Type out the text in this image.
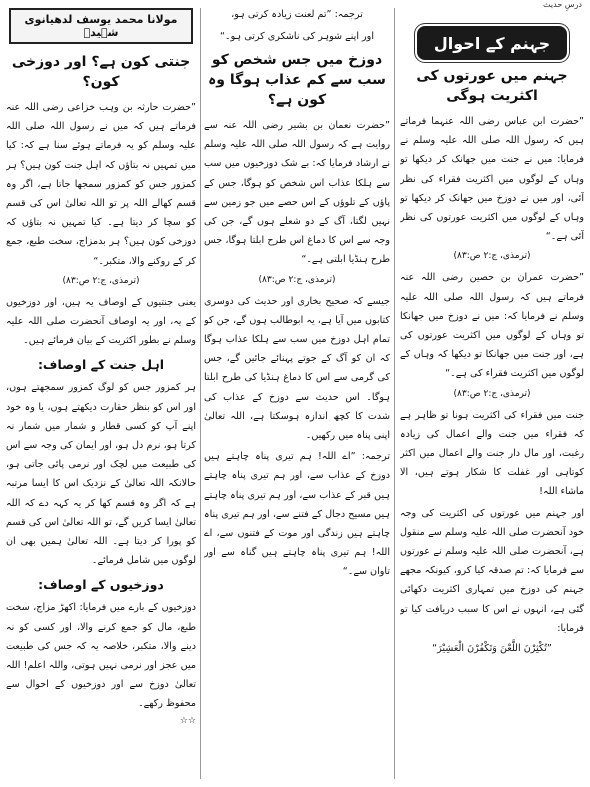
درسِ حدیث
جہنم کے احوال
جہنم میں عورتوں کی اکثریت ہوگی

”حضرت ابن عباس رضی اللہ عنہما فرماتے ہیں کہ رسول اللہ صلی اللہ علیہ وسلم نے فرمایا: میں نے جنت میں جھانک کر دیکھا تو وہاں کے لوگوں میں اکثریت فقراء کی نظر آئی، اور میں نے دوزخ میں جھانک کر دیکھا تو وہاں کے لوگوں میں اکثریت عورتوں کی نظر آئی ہے۔“

(ترمذی، ج:۲ ص:۸۳)

”حضرت عمران بن حصین رضی اللہ عنہ فرماتے ہیں کہ رسول اللہ صلی اللہ علیہ وسلم نے فرمایا کہ: میں نے دوزخ میں جھانکا تو وہاں کے لوگوں میں اکثریت عورتوں کی ہے، اور جنت میں جھانکا تو دیکھا کہ وہاں کے لوگوں میں اکثریت فقراء کی ہے۔“

(ترمذی، ج:۲ ص:۸۳)

جنت میں فقراء کی اکثریت ہونا تو ظاہر ہے کہ فقراء میں جنت والے اعمال کی زیادہ رغبت، اور مال دار جنت والے اعمال میں اکثر کوتاہی اور غفلت کا شکار ہوتے ہیں، الا ماشاء اللہ!

اور جہنم میں عورتوں کی اکثریت کی وجہ خود آنحضرت صلی اللہ علیہ وسلم سے منقول ہے، آنحضرت صلی اللہ علیہ وسلم نے عورتوں سے فرمایا کہ: تم صدقہ کیا کرو، کیونکہ مجھے جہنم کی دوزخ میں تمہاری اکثریت دکھائی گئی ہے، انہوں نے اس کا سبب دریافت کیا تو فرمایا:

”تُکْثِرْنَ اللَّعْنَ وَتَکْفُرْنَ الْعَشِیْرَ“
ترجمہ: ”تم لعنت زیادہ کرتی ہو،
اور اپنے شوہر کی ناشکری کرتی ہو۔“
دوزخ میں جس شخص کو سب سے کم عذاب ہوگا وہ کون ہے؟

”حضرت نعمان بن بشیر رضی اللہ عنہ سے روایت ہے کہ رسول اللہ صلی اللہ علیہ وسلم نے ارشاد فرمایا کہ: بے شک دوزخیوں میں سب سے ہلکا عذاب اس شخص کو ہوگا، جس کے پاؤں کے تلوؤں کے اس حصے میں جو زمین سے نہیں لگتا، آگ کے دو شعلے ہوں گے، جن کی وجہ سے اس کا دماغ اس طرح ابلتا ہوگا، جس طرح ہنڈیا ابلتی ہے۔“

(ترمذی، ج:۲ ص:۸۳)

جیسے کہ صحیح بخاری اور حدیث کی دوسری کتابوں میں آیا ہے، یہ ابوطالب ہوں گے، جن کو تمام اہل دوزخ میں سب سے ہلکا عذاب ہوگا کہ ان کو آگ کے جوتے پہنائے جائیں گے، جس کی گرمی سے اس کا دماغ ہنڈیا کی طرح ابلتا ہوگا۔ اس حدیث سے دوزخ کے عذاب کی شدت کا کچھ اندازہ ہوسکتا ہے، اللہ تعالیٰ اپنی پناہ میں رکھیں۔

ترجمہ: ”اے اللہ! ہم تیری پناہ چاہتے ہیں دوزخ کے عذاب سے، اور ہم تیری پناہ چاہتے ہیں قبر کے عذاب سے، اور ہم تیری پناہ چاہتے ہیں مسیح دجال کے فتنے سے، اور ہم تیری پناہ چاہتے ہیں زندگی اور موت کے فتنوں سے، اے اللہ! ہم تیری پناہ چاہتے ہیں گناہ سے اور تاوان سے۔“

مولانا محمد یوسف لدھیانوی شہیدؒ
جنتی کون ہے؟ اور دوزخی کون؟

”حضرت حارثہ بن وہب خزاعی رضی اللہ عنہ فرماتے ہیں کہ میں نے رسول اللہ صلی اللہ علیہ وسلم کو یہ فرماتے ہوئے سنا ہے کہ: کیا میں تمہیں نہ بتاؤں کہ اہل جنت کون ہیں؟ ہر کمزور جس کو کمزور سمجھا جاتا ہے، اگر وہ قسم کھالے اللہ پر تو اللہ تعالیٰ اس کی قسم کو سچا کر دیتا ہے۔ کیا تمہیں نہ بتاؤں کہ دوزخی کون ہیں؟ ہر بدمزاج، سخت طبع، جمع کر کے روکنے والا، متکبر۔“

(ترمذی، ج:۲ ص:۸۳)

یعنی جنتیوں کے اوصاف یہ ہیں، اور دوزخیوں کے یہ، اور یہ اوصاف آنحضرت صلی اللہ علیہ وسلم نے بطور اکثریت کے بیان فرمائے ہیں۔

اہل جنت کے اوصاف:

ہر کمزور جس کو لوگ کمزور سمجھتے ہوں، اور اس کو بنظر حقارت دیکھتے ہوں، یا وہ خود اپنے آپ کو کسی قطار و شمار میں شمار نہ کرتا ہو، نرم دل ہو، اور ایمان کی وجہ سے اس کی طبیعت میں لچک اور نرمی پائی جاتی ہو، حالانکہ اللہ تعالیٰ کے نزدیک اس کا ایسا مرتبہ ہے کہ اگر وہ قسم کھا کر یہ کہہ دے کہ اللہ تعالیٰ ایسا کریں گے، تو اللہ تعالیٰ اس کی قسم کو پورا کر دیتا ہے۔ اللہ تعالیٰ ہمیں بھی ان لوگوں میں شامل فرمائے۔

دوزخیوں کے اوصاف:

دوزخیوں کے بارے میں فرمایا: اکھڑ مزاج، سخت طبع، مال کو جمع کرنے والا، اور کسی کو نہ دینے والا، متکبر، خلاصہ یہ کہ جس کی طبیعت میں عجز اور نرمی نہیں ہوتی، واللہ اعلم! اللہ تعالیٰ دوزخ سے اور دوزخیوں کے احوال سے محفوظ رکھے۔

☆☆
